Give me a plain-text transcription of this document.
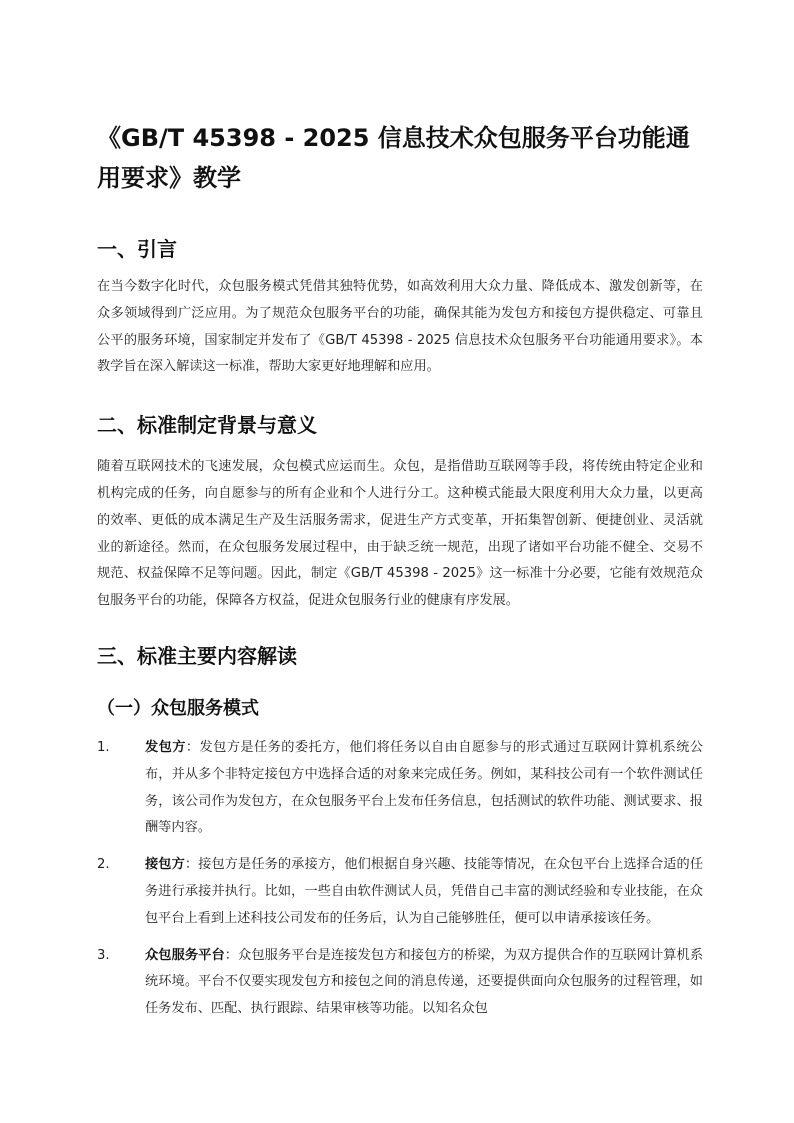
《GB/T 45398 - 2025 信息技术众包服务平台功能通用要求》教学
一、引言

在当今数字化时代，众包服务模式凭借其独特优势，如高效利用大众力量、降低成本、激发创新等，在众多领域得到广泛应用。为了规范众包服务平台的功能，确保其能为发包方和接包方提供稳定、可靠且公平的服务环境，国家制定并发布了《GB/T 45398 - 2025 信息技术众包服务平台功能通用要求》。本教学旨在深入解读这一标准，帮助大家更好地理解和应用。

二、标准制定背景与意义

随着互联网技术的飞速发展，众包模式应运而生。众包，是指借助互联网等手段，将传统由特定企业和机构完成的任务，向自愿参与的所有企业和个人进行分工。这种模式能最大限度利用大众力量，以更高的效率、更低的成本满足生产及生活服务需求，促进生产方式变革，开拓集智创新、便捷创业、灵活就业的新途径。然而，在众包服务发展过程中，由于缺乏统一规范，出现了诸如平台功能不健全、交易不规范、权益保障不足等问题。因此，制定《GB/T 45398 - 2025》这一标准十分必要，它能有效规范众包服务平台的功能，保障各方权益，促进众包服务行业的健康有序发展。

三、标准主要内容解读
（一）众包服务模式
1.	发包方：发包方是任务的委托方，他们将任务以自由自愿参与的形式通过互联网计算机系统公布，并从多个非特定接包方中选择合适的对象来完成任务。例如，某科技公司有一个软件测试任务，该公司作为发包方，在众包服务平台上发布任务信息，包括测试的软件功能、测试要求、报酬等内容。
2.	接包方：接包方是任务的承接方，他们根据自身兴趣、技能等情况，在众包平台上选择合适的任务进行承接并执行。比如，一些自由软件测试人员，凭借自己丰富的测试经验和专业技能，在众包平台上看到上述科技公司发布的任务后，认为自己能够胜任，便可以申请承接该任务。
3.	众包服务平台：众包服务平台是连接发包方和接包方的桥梁，为双方提供合作的互联网计算机系统环境。平台不仅要实现发包方和接包之间的消息传递，还要提供面向众包服务的过程管理，如任务发布、匹配、执行跟踪、结果审核等功能。以知名众包
